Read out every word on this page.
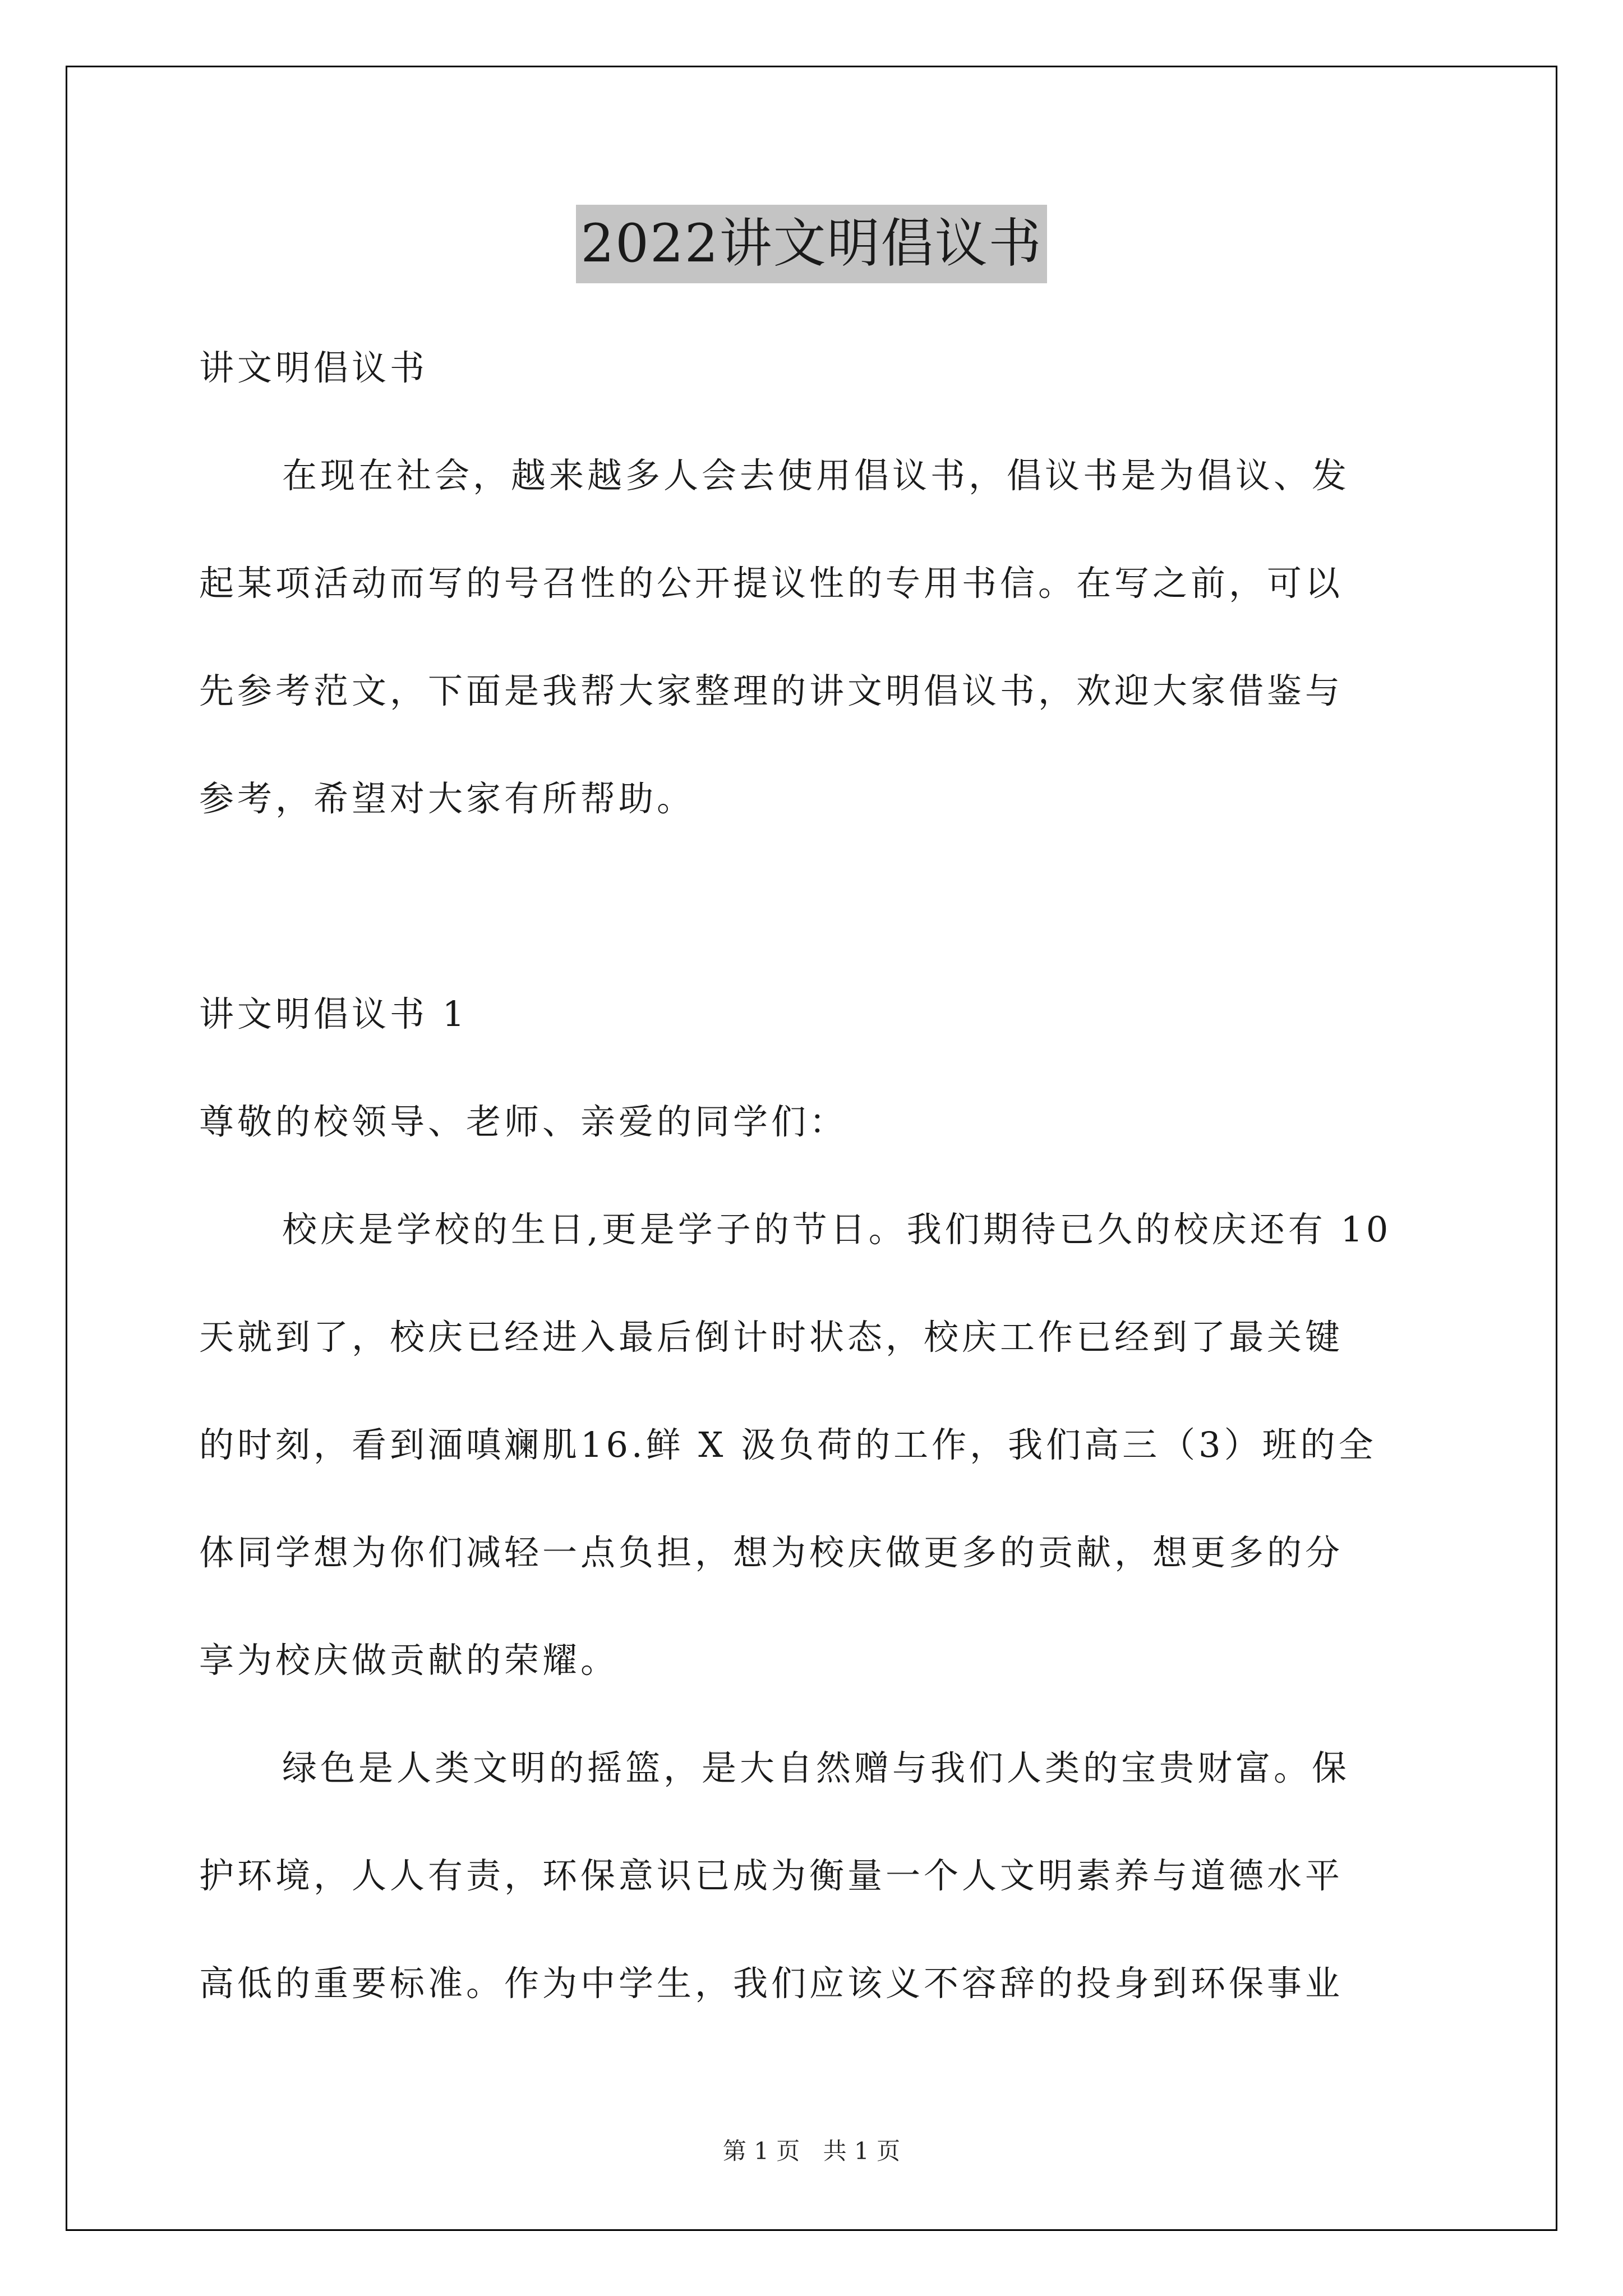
2022讲文明倡议书
讲文明倡议书
在现在社会，越来越多人会去使用倡议书，倡议书是为倡议、发
起某项活动而写的号召性的公开提议性的专用书信。在写之前，可以
先参考范文，下面是我帮大家整理的讲文明倡议书，欢迎大家借鉴与
参考，希望对大家有所帮助。
讲文明倡议书 1
尊敬的校领导、老师、亲爱的同学们：
校庆是学校的生日,更是学子的节日。我们期待已久的校庆还有 10
天就到了，校庆已经进入最后倒计时状态，校庆工作已经到了最关键
的时刻，看到湎嗔斓肌16.鲜 X 汲负荷的工作，我们高三（3）班的全
体同学想为你们减轻一点负担，想为校庆做更多的贡献，想更多的分
享为校庆做贡献的荣耀。
绿色是人类文明的摇篮，是大自然赠与我们人类的宝贵财富。保
护环境，人人有责，环保意识已成为衡量一个人文明素养与道德水平
高低的重要标准。作为中学生，我们应该义不容辞的投身到环保事业
第 1 页 共 1 页
